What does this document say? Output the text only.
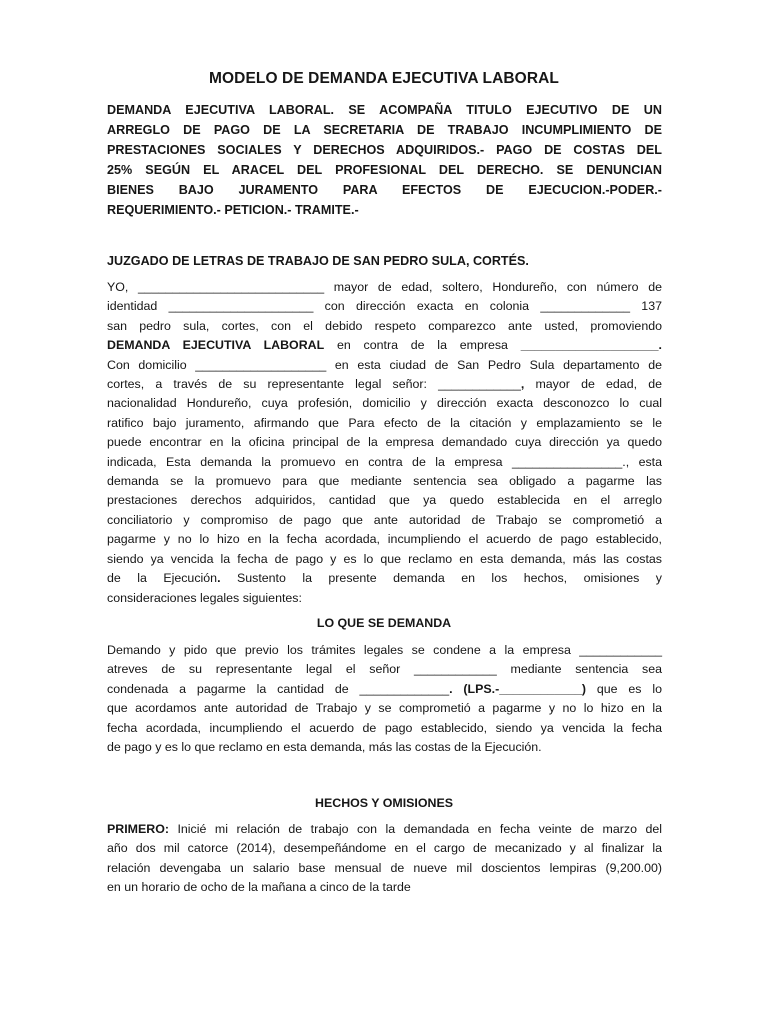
MODELO DE DEMANDA EJECUTIVA LABORAL
DEMANDA EJECUTIVA LABORAL. SE ACOMPAÑA TITULO EJECUTIVO DE UN
ARREGLO DE PAGO DE LA SECRETARIA DE TRABAJO INCUMPLIMIENTO DE
PRESTACIONES SOCIALES Y DERECHOS ADQUIRIDOS.- PAGO DE COSTAS DEL
25% SEGÚN EL ARACEL DEL PROFESIONAL DEL DERECHO. SE DENUNCIAN
BIENES BAJO JURAMENTO PARA EFECTOS DE EJECUCION.-PODER.-
REQUERIMIENTO.- PETICION.- TRAMITE.-
JUZGADO DE LETRAS DE TRABAJO DE SAN PEDRO SULA, CORTÉS.
YO, ___________________________ mayor de edad, soltero, Hondureño, con número de
identidad _____________________ con dirección exacta en colonia _____________ 137
san pedro sula, cortes, con el debido respeto comparezco ante usted, promoviendo
DEMANDA EJECUTIVA LABORAL en contra de la empresa ____________________.
Con domicilio ___________________ en esta ciudad de San Pedro Sula departamento de
cortes, a través de su representante legal señor: ____________, mayor de edad, de
nacionalidad Hondureño, cuya profesión, domicilio y dirección exacta desconozco lo cual
ratifico bajo juramento, afirmando que Para efecto de la citación y emplazamiento se le
puede encontrar en la oficina principal de la empresa demandado cuya dirección ya quedo
indicada, Esta demanda la promuevo en contra de la empresa ________________., esta
demanda se la promuevo para que mediante sentencia sea obligado a pagarme las
prestaciones derechos adquiridos, cantidad que ya quedo establecida en el arreglo
conciliatorio y compromiso de pago que ante autoridad de Trabajo se comprometió a
pagarme y no lo hizo en la fecha acordada, incumpliendo el acuerdo de pago establecido,
siendo ya vencida la fecha de pago y es lo que reclamo en esta demanda, más las costas
de la Ejecución. Sustento la presente demanda en los hechos, omisiones y
consideraciones legales siguientes:
LO QUE SE DEMANDA
Demando y pido que previo los trámites legales se condene a la empresa ____________
atreves de su representante legal el señor ____________ mediante sentencia sea
condenada a pagarme la cantidad de _____________. (LPS.-____________) que es lo
que acordamos ante autoridad de Trabajo y se comprometió a pagarme y no lo hizo en la
fecha acordada, incumpliendo el acuerdo de pago establecido, siendo ya vencida la fecha
de pago y es lo que reclamo en esta demanda, más las costas de la Ejecución.
HECHOS Y OMISIONES
PRIMERO: Inicié mi relación de trabajo con la demandada en fecha veinte de marzo del
año dos mil catorce (2014), desempeñándome en el cargo de mecanizado y al finalizar la
relación devengaba un salario base mensual de nueve mil doscientos lempiras (9,200.00)
en un horario de ocho de la mañana a cinco de la tarde
